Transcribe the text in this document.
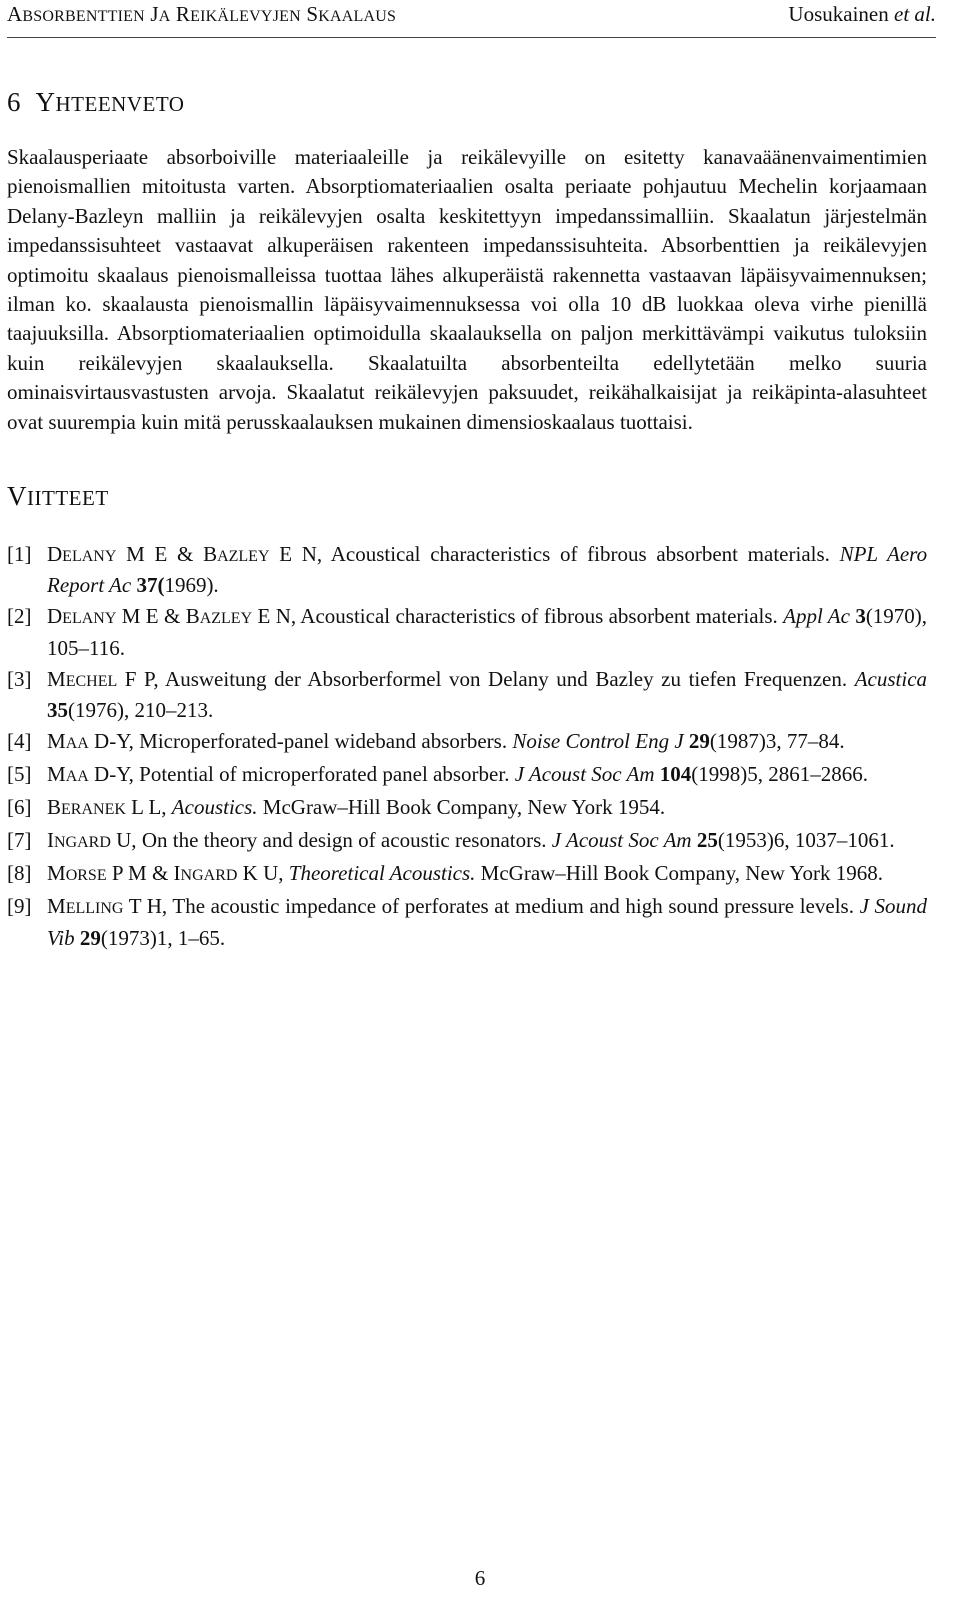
ABSORBENTTIEN JA REIKÄLEVYJEN SKAALAUS	Uosukainen et al.
6 YHTEENVETO

Skaalausperiaate absorboiville materiaaleille ja reikälevyille on esitetty kanavaäänenvaimentimien pienoismallien mitoitusta varten. Absorptiomateriaalien osalta periaate pohjautuu Mechelin korjaamaan Delany-Bazleyn malliin ja reikälevyjen osalta keskitettyyn impedanssimalliin. Skaalatun järjestelmän impedanssisuhteet vastaavat alkuperäisen rakenteen impedanssisuhteita. Absorbenttien ja reikälevyjen optimoitu skaalaus pienoismalleissa tuottaa lähes alkuperäistä rakennetta vastaavan läpäisyvaimennuksen; ilman ko. skaalausta pienoismallin läpäisyvaimennuksessa voi olla 10 dB luokkaa oleva virhe pienillä taajuuksilla. Absorptiomateriaalien optimoidulla skaalauksella on paljon merkittävämpi vaikutus tuloksiin kuin reikälevyjen skaalauksella. Skaalatuilta absorbenteilta edellytetään melko suuria ominaisvirtausvastusten arvoja. Skaalatut reikälevyjen paksuudet, reikähalkaisijat ja reikäpinta-alasuhteet ovat suurempia kuin mitä perusskaalauksen mukainen dimensioskaalaus tuottaisi.

VIITTEET
[1] DELANY M E & BAZLEY E N, Acoustical characteristics of fibrous absorbent materials. NPL Aero Report Ac 37(1969).
[2] DELANY M E & BAZLEY E N, Acoustical characteristics of fibrous absorbent materials. Appl Ac 3(1970), 105–116.
[3] MECHEL F P, Ausweitung der Absorberformel von Delany und Bazley zu tiefen Frequenzen. Acustica 35(1976), 210–213.
[4] MAA D-Y, Microperforated-panel wideband absorbers. Noise Control Eng J 29(1987)3, 77–84.
[5] MAA D-Y, Potential of microperforated panel absorber. J Acoust Soc Am 104(1998)5, 2861–2866.
[6] BERANEK L L, Acoustics. McGraw–Hill Book Company, New York 1954.
[7] INGARD U, On the theory and design of acoustic resonators. J Acoust Soc Am 25(1953)6, 1037–1061.
[8] MORSE P M & INGARD K U, Theoretical Acoustics. McGraw–Hill Book Company, New York 1968.
[9] MELLING T H, The acoustic impedance of perforates at medium and high sound pressure levels. J Sound Vib 29(1973)1, 1–65.
6
